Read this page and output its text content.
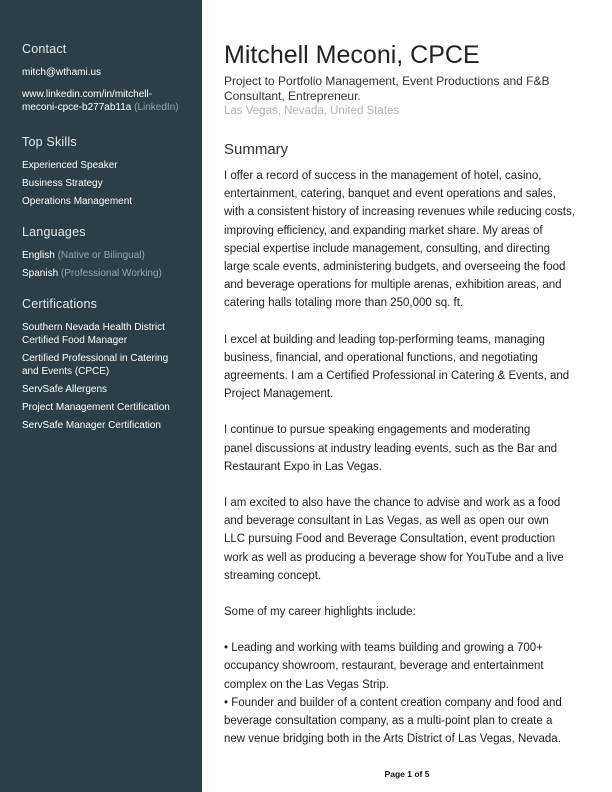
Contact
mitch@wthami.us
www.linkedin.com/in/mitchell-
meconi-cpce-b277ab11a (LinkedIn)
Top Skills
Experienced Speaker
Business Strategy
Operations Management
Languages
English (Native or Bilingual)
Spanish (Professional Working)
Certifications
Southern Nevada Health District
Certified Food Manager
Certified Professional in Catering
and Events (CPCE)
ServSafe Allergens
Project Management Certification
ServSafe Manager Certification
Mitchell Meconi, CPCE
Project to Portfolio Management, Event Productions and F&B
Consultant, Entrepreneur.
Las Vegas, Nevada, United States
Summary
I offer a record of success in the management of hotel, casino,
entertainment, catering, banquet and event operations and sales,
with a consistent history of increasing revenues while reducing costs,
improving efficiency, and expanding market share. My areas of
special expertise include management, consulting, and directing
large scale events, administering budgets, and overseeing the food
and beverage operations for multiple arenas, exhibition areas, and
catering halls totaling more than 250,000 sq. ft.
I excel at building and leading top-performing teams, managing
business, financial, and operational functions, and negotiating
agreements. I am a Certified Professional in Catering & Events, and
Project Management.
I continue to pursue speaking engagements and moderating
panel discussions at industry leading events, such as the Bar and
Restaurant Expo in Las Vegas.
I am excited to also have the chance to advise and work as a food
and beverage consultant in Las Vegas, as well as open our own
LLC pursuing Food and Beverage Consultation, event production
work as well as producing a beverage show for YouTube and a live
streaming concept.
Some of my career highlights include:
• Leading and working with teams building and growing a 700+
occupancy showroom, restaurant, beverage and entertainment
complex on the Las Vegas Strip.
• Founder and builder of a content creation company and food and
beverage consultation company, as a multi-point plan to create a
new venue bridging both in the Arts District of Las Vegas, Nevada.
Page 1 of 5
